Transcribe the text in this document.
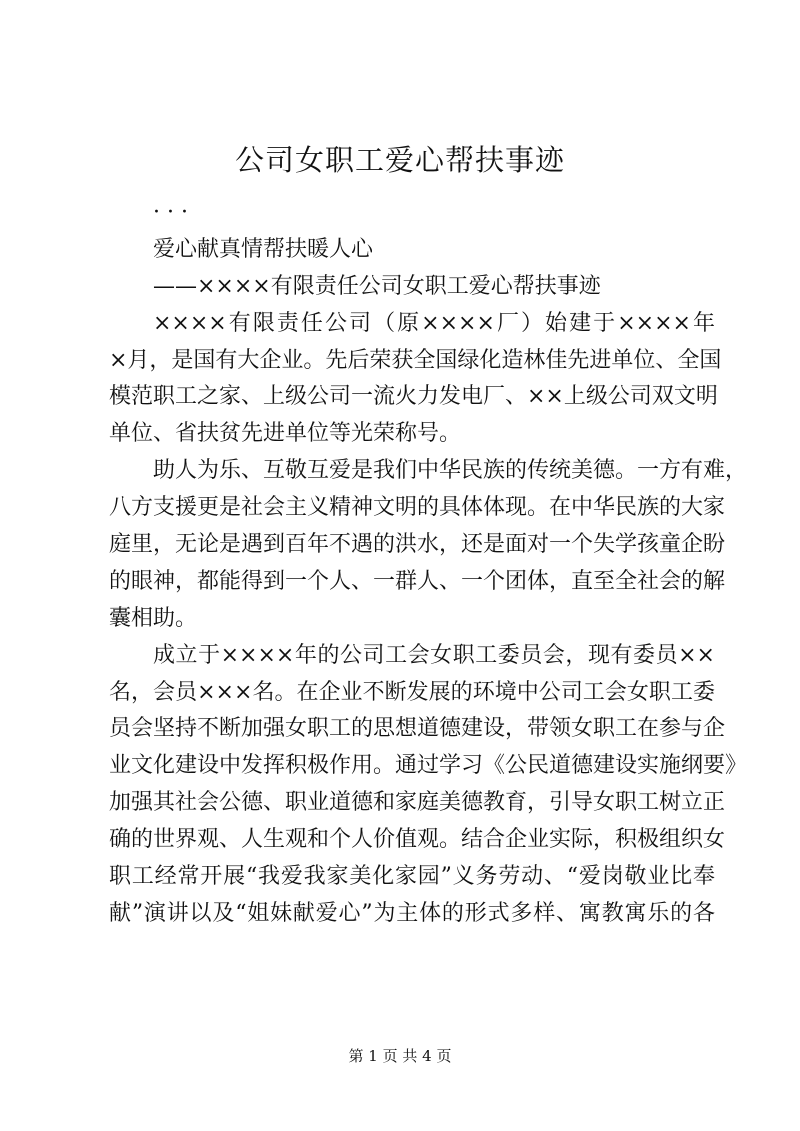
公司女职工爱心帮扶事迹
· · ·
爱心献真情帮扶暖人心
——××××有限责任公司女职工爱心帮扶事迹
××××有限责任公司（原××××厂）始建于××××年
×月，是国有大企业。先后荣获全国绿化造林佳先进单位、全国
模范职工之家、上级公司一流火力发电厂、××上级公司双文明
单位、省扶贫先进单位等光荣称号。
助人为乐、互敬互爱是我们中华民族的传统美德。一方有难，
八方支援更是社会主义精神文明的具体体现。在中华民族的大家
庭里，无论是遇到百年不遇的洪水，还是面对一个失学孩童企盼
的眼神，都能得到一个人、一群人、一个团体，直至全社会的解
囊相助。
成立于××××年的公司工会女职工委员会，现有委员××
名，会员×××名。在企业不断发展的环境中公司工会女职工委
员会坚持不断加强女职工的思想道德建设，带领女职工在参与企
业文化建设中发挥积极作用。通过学习《公民道德建设实施纲要》
加强其社会公德、职业道德和家庭美德教育，引导女职工树立正
确的世界观、人生观和个人价值观。结合企业实际，积极组织女
职工经常开展“我爱我家美化家园”义务劳动、“爱岗敬业比奉
献”演讲以及“姐妹献爱心”为主体的形式多样、寓教寓乐的各
第 1 页 共 4 页
